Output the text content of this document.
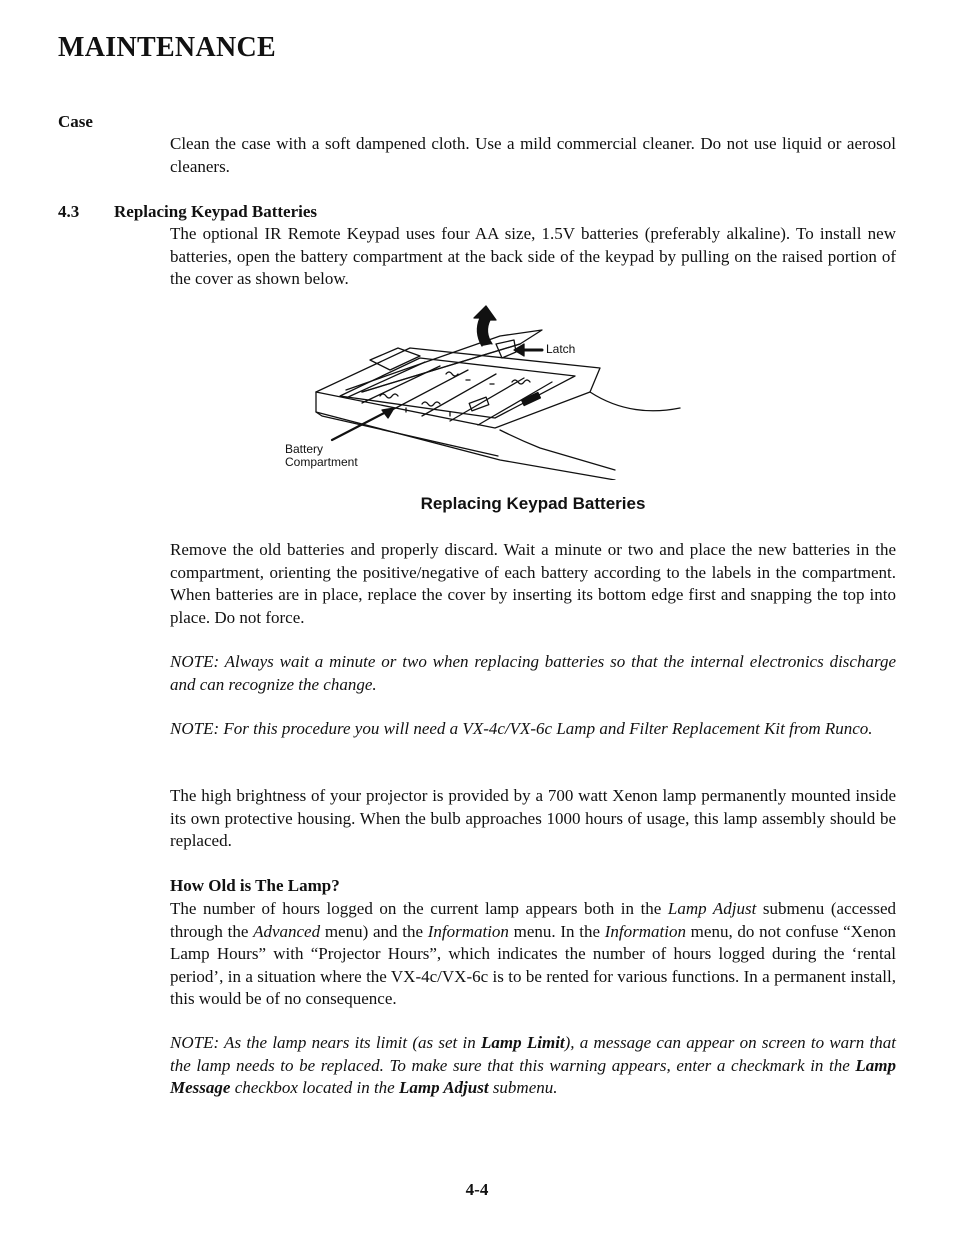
MAINTENANCE
Case

Clean the case with a soft dampened cloth. Use a mild commercial cleaner. Do not use liquid or aerosol cleaners.

4.3 Replacing Keypad Batteries

The optional IR Remote Keypad uses four AA size, 1.5V batteries (preferably alkaline). To install new batteries, open the battery compartment at the back side of the keypad by pulling on the raised portion of the cover as shown below.

Latch
Battery
Compartment
Replacing Keypad Batteries

Remove the old batteries and properly discard. Wait a minute or two and place the new batteries in the compartment, orienting the positive/negative of each battery according to the labels in the compartment. When batteries are in place, replace the cover by inserting its bottom edge first and snapping the top into place. Do not force.

NOTE: Always wait a minute or two when replacing batteries so that the internal electronics discharge and can recognize the change.

NOTE: For this procedure you will need a VX-4c/VX-6c Lamp and Filter Replacement Kit from Runco.

The high brightness of your projector is provided by a 700 watt Xenon lamp permanently mounted inside its own protective housing. When the bulb approaches 1000 hours of usage, this lamp assembly should be replaced.

How Old is The Lamp?

The number of hours logged on the current lamp appears both in the Lamp Adjust submenu (accessed through the Advanced menu) and the Information menu. In the Information menu, do not confuse “Xenon Lamp Hours” with “Projector Hours”, which indicates the number of hours logged during the ‘rental period’, in a situation where the VX-4c/VX-6c is to be rented for various functions. In a permanent install, this would be of no consequence.

NOTE: As the lamp nears its limit (as set in Lamp Limit), a message can appear on screen to warn that the lamp needs to be replaced. To make sure that this warning appears, enter a checkmark in the Lamp Message checkbox located in the Lamp Adjust submenu.

4-4
